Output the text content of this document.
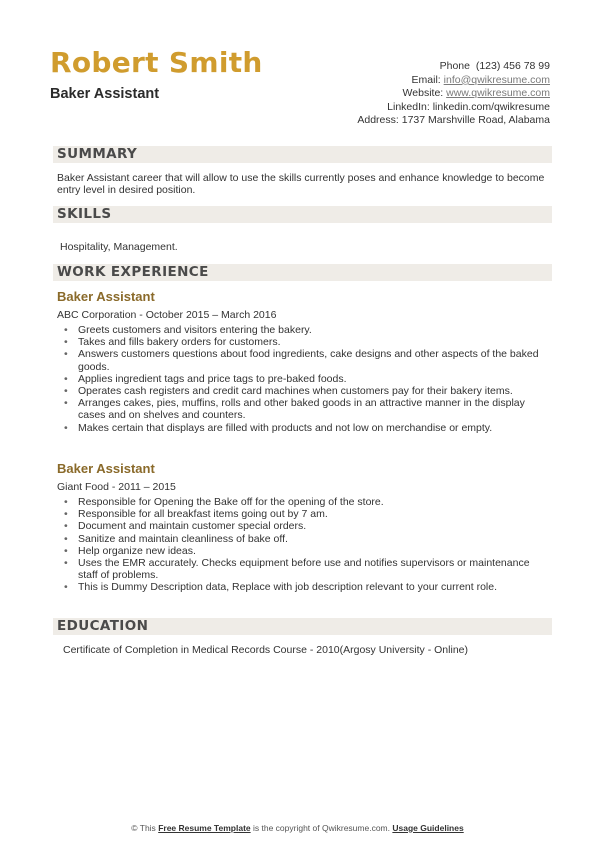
Robert Smith
Baker Assistant
Phone (123) 456 78 99
Email: info@qwikresume.com
Website: www.qwikresume.com
LinkedIn: linkedin.com/qwikresume
Address: 1737 Marshville Road, Alabama
SUMMARY
Baker Assistant career that will allow to use the skills currently poses and enhance knowledge to become entry level in desired position.
SKILLS
Hospitality, Management.
WORK EXPERIENCE
Baker Assistant
ABC Corporation - October 2015 – March 2016
• Greets customers and visitors entering the bakery.
• Takes and fills bakery orders for customers.
• Answers customers questions about food ingredients, cake designs and other aspects of the baked goods.
• Applies ingredient tags and price tags to pre-baked foods.
• Operates cash registers and credit card machines when customers pay for their bakery items.
• Arranges cakes, pies, muffins, rolls and other baked goods in an attractive manner in the display cases and on shelves and counters.
• Makes certain that displays are filled with products and not low on merchandise or empty.
Baker Assistant
Giant Food - 2011 – 2015
• Responsible for Opening the Bake off for the opening of the store.
• Responsible for all breakfast items going out by 7 am.
• Document and maintain customer special orders.
• Sanitize and maintain cleanliness of bake off.
• Help organize new ideas.
• Uses the EMR accurately. Checks equipment before use and notifies supervisors or maintenance staff of problems.
• This is Dummy Description data, Replace with job description relevant to your current role.
EDUCATION
Certificate of Completion in Medical Records Course - 2010(Argosy University - Online)
© This Free Resume Template is the copyright of Qwikresume.com. Usage Guidelines
